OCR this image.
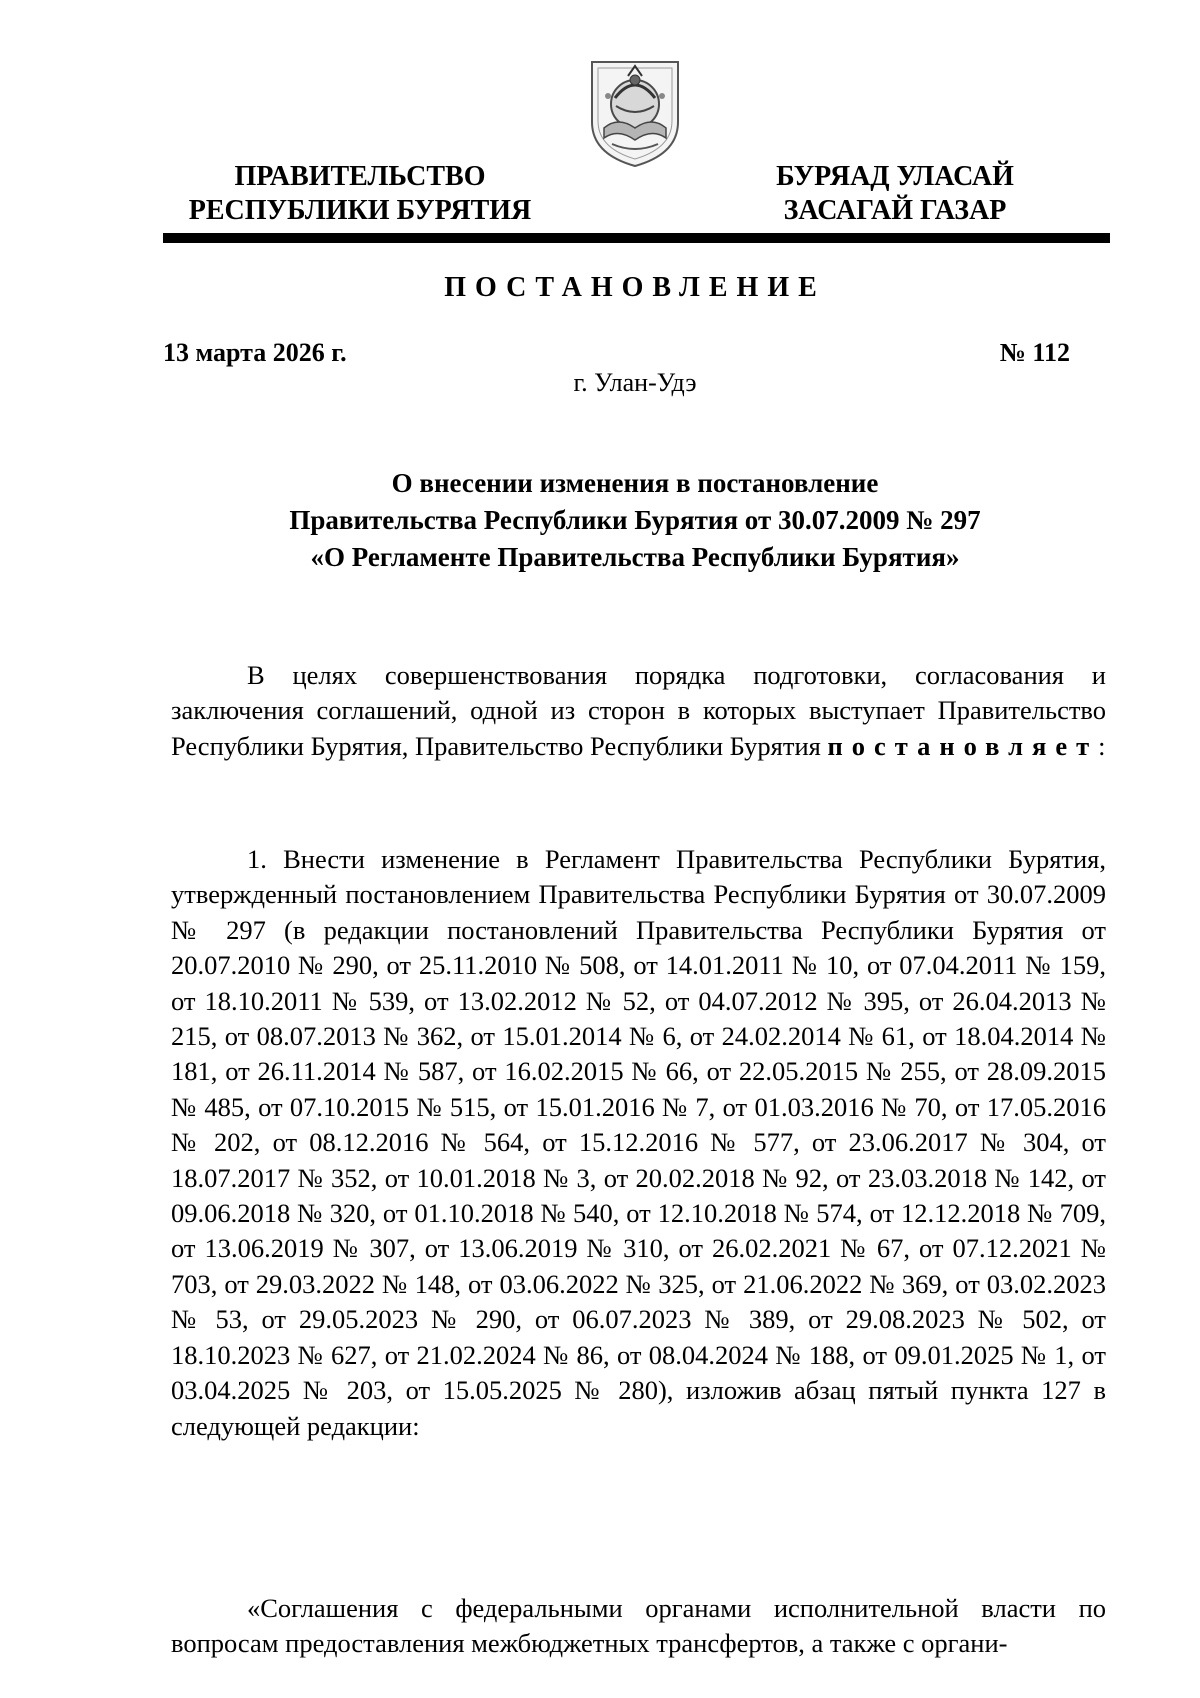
ПРАВИТЕЛЬСТВО
РЕСПУБЛИКИ БУРЯТИЯ
БУРЯАД УЛАСАЙ
ЗАСАГАЙ ГАЗАР
ПОСТАНОВЛЕНИЕ
13 марта 2026 г.	№ 112
г. Улан-Удэ
О внесении изменения в постановление
Правительства Республики Бурятия от 30.07.2009 № 297
«О Регламенте Правительства Республики Бурятия»

В целях совершенствования порядка подготовки, согласования и заключения соглашений, одной из сторон в которых выступает Правительство Республики Бурятия, Правительство Республики Бурятия постановляет:

1. Внести изменение в Регламент Правительства Республики Бурятия, утвержденный постановлением Правительства Республики Бурятия от 30.07.2009 № 297 (в редакции постановлений Правительства Республики Бурятия от 20.07.2010 № 290, от 25.11.2010 № 508, от 14.01.2011 № 10, от 07.04.2011 № 159, от 18.10.2011 № 539, от 13.02.2012 № 52, от 04.07.2012 № 395, от 26.04.2013 № 215, от 08.07.2013 № 362, от 15.01.2014 № 6, от 24.02.2014 № 61, от 18.04.2014 № 181, от 26.11.2014 № 587, от 16.02.2015 № 66, от 22.05.2015 № 255, от 28.09.2015 № 485, от 07.10.2015 № 515, от 15.01.2016 № 7, от 01.03.2016 № 70, от 17.05.2016 № 202, от 08.12.2016 № 564, от 15.12.2016 № 577, от 23.06.2017 № 304, от 18.07.2017 № 352, от 10.01.2018 № 3, от 20.02.2018 № 92, от 23.03.2018 № 142, от 09.06.2018 № 320, от 01.10.2018 № 540, от 12.10.2018 № 574, от 12.12.2018 № 709, от 13.06.2019 № 307, от 13.06.2019 № 310, от 26.02.2021 № 67, от 07.12.2021 № 703, от 29.03.2022 № 148, от 03.06.2022 № 325, от 21.06.2022 № 369, от 03.02.2023 № 53, от 29.05.2023 № 290, от 06.07.2023 № 389, от 29.08.2023 № 502, от 18.10.2023 № 627, от 21.02.2024 № 86, от 08.04.2024 № 188, от 09.01.2025 № 1, от 03.04.2025 № 203, от 15.05.2025 № 280), изложив абзац пятый пункта 127 в следующей редакции:

«Соглашения с федеральными органами исполнительной власти по вопросам предоставления межбюджетных трансфертов, а также с органи-
